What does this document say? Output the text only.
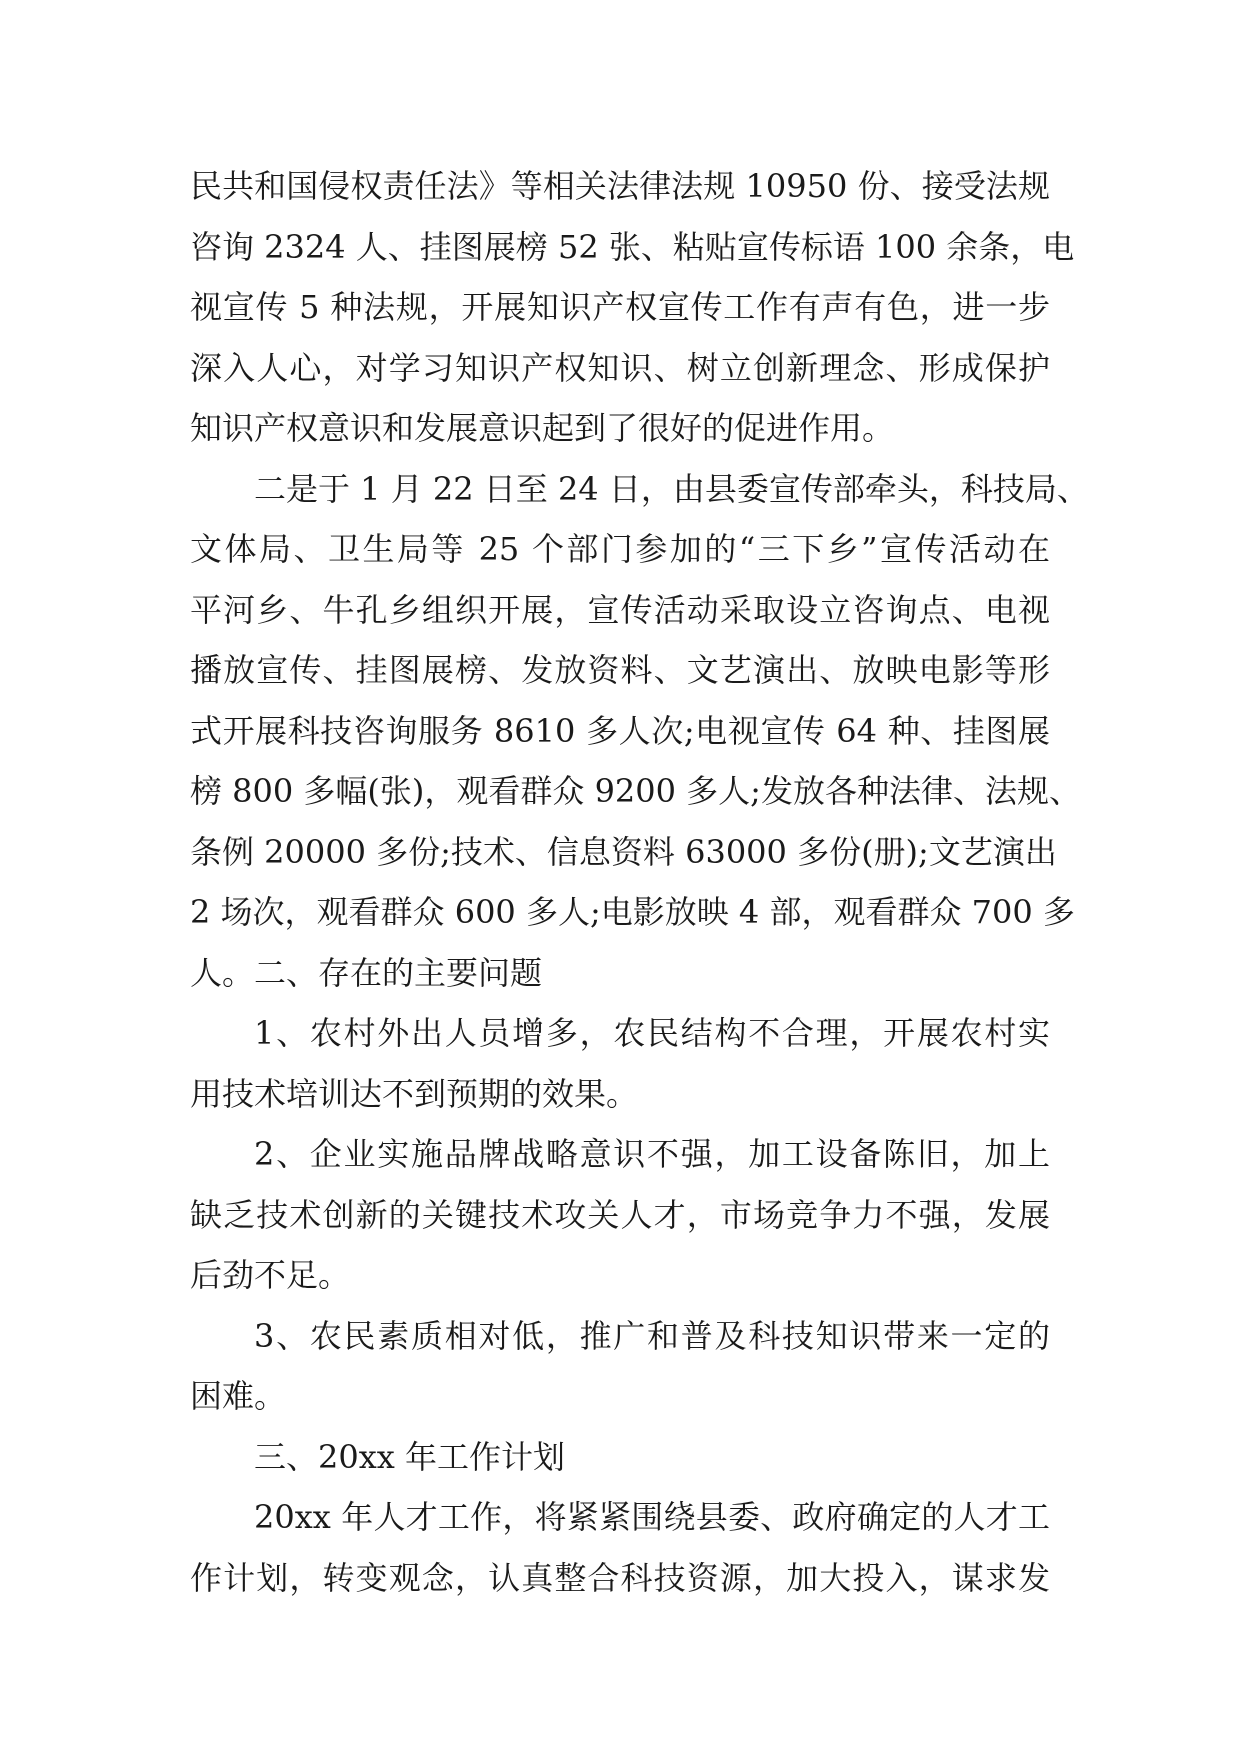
民共和国侵权责任法》等相关法律法规 10950 份、接受法规
咨询 2324 人、挂图展榜 52 张、粘贴宣传标语 100 余条，电
视宣传 5 种法规，开展知识产权宣传工作有声有色，进一步
深入人心，对学习知识产权知识、树立创新理念、形成保护
知识产权意识和发展意识起到了很好的促进作用。
二是于 1 月 22 日至 24 日，由县委宣传部牵头，科技局、
文体局、卫生局等 25 个部门参加的“三下乡”宣传活动在
平河乡、牛孔乡组织开展，宣传活动采取设立咨询点、电视
播放宣传、挂图展榜、发放资料、文艺演出、放映电影等形
式开展科技咨询服务 8610 多人次;电视宣传 64 种、挂图展
榜 800 多幅(张)，观看群众 9200 多人;发放各种法律、法规、
条例 20000 多份;技术、信息资料 63000 多份(册);文艺演出
2 场次，观看群众 600 多人;电影放映 4 部，观看群众 700 多
人。二、存在的主要问题
1、农村外出人员增多，农民结构不合理，开展农村实
用技术培训达不到预期的效果。
2、企业实施品牌战略意识不强，加工设备陈旧，加上
缺乏技术创新的关键技术攻关人才，市场竞争力不强，发展
后劲不足。
3、农民素质相对低，推广和普及科技知识带来一定的
困难。
三、20xx 年工作计划
20xx 年人才工作，将紧紧围绕县委、政府确定的人才工
作计划，转变观念，认真整合科技资源，加大投入，谋求发
